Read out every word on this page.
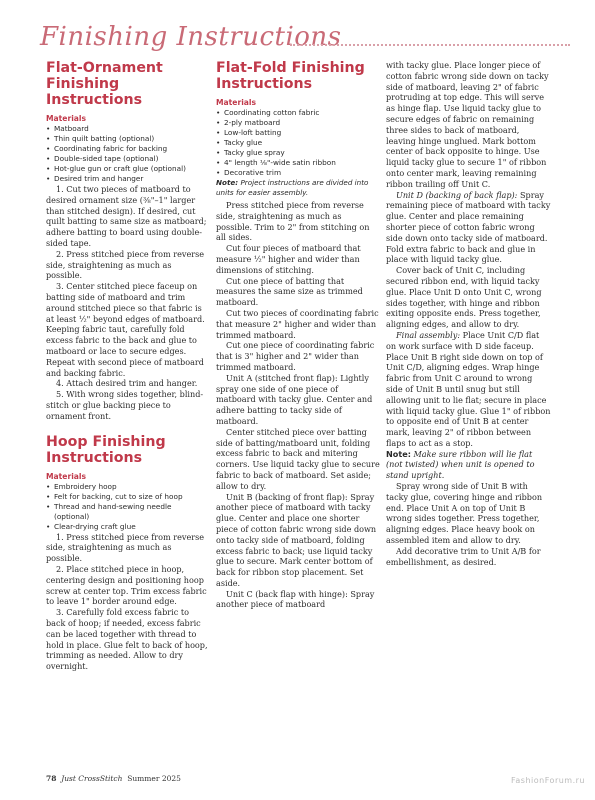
Finishing Instructions
Flat-Ornament Finishing Instructions
Materials
• Matboard
• Thin quilt batting (optional)
• Coordinating fabric for backing
• Double-sided tape (optional)
• Hot-glue gun or craft glue (optional)
• Desired trim and hanger

1. Cut two pieces of matboard to desired ornament size (⅜"–1" larger than stitched design). If desired, cut quilt batting to same size as matboard; adhere batting to board using double-sided tape.

2. Press stitched piece from reverse side, straightening as much as possible.

3. Center stitched piece faceup on batting side of matboard and trim around stitched piece so that fabric is at least ½" beyond edges of matboard. Keeping fabric taut, carefully fold excess fabric to the back and glue to matboard or lace to secure edges. Repeat with second piece of matboard and backing fabric.

4. Attach desired trim and hanger.

5. With wrong sides together, blind-stitch or glue backing piece to ornament front.

Hoop Finishing Instructions
Materials
• Embroidery hoop
• Felt for backing, cut to size of hoop
• Thread and hand-sewing needle (optional)
• Clear-drying craft glue

1. Press stitched piece from reverse side, straightening as much as possible.

2. Place stitched piece in hoop, centering design and positioning hoop screw at center top. Trim excess fabric to leave 1" border around edge.

3. Carefully fold excess fabric to back of hoop; if needed, excess fabric can be laced together with thread to hold in place. Glue felt to back of hoop, trimming as needed. Allow to dry overnight.

Flat-Fold Finishing Instructions
Materials
• Coordinating cotton fabric
• 2-ply matboard
• Low-loft batting
• Tacky glue
• Tacky glue spray
• 4" length ⅛"-wide satin ribbon
• Decorative trim
Note: Project instructions are divided into units for easier assembly.

Press stitched piece from reverse side, straightening as much as possible. Trim to 2" from stitching on all sides.

Cut four pieces of matboard that measure ½" higher and wider than dimensions of stitching.

Cut one piece of batting that measures the same size as trimmed matboard.

Cut two pieces of coordinating fabric that measure 2" higher and wider than trimmed matboard.

Cut one piece of coordinating fabric that is 3" higher and 2" wider than trimmed matboard.

Unit A (stitched front flap): Lightly spray one side of one piece of matboard with tacky glue. Center and adhere batting to tacky side of matboard.

Center stitched piece over batting side of batting/matboard unit, folding excess fabric to back and mitering corners. Use liquid tacky glue to secure fabric to back of matboard. Set aside; allow to dry.

Unit B (backing of front flap): Spray another piece of matboard with tacky glue. Center and place one shorter piece of cotton fabric wrong side down onto tacky side of matboard, folding excess fabric to back; use liquid tacky glue to secure. Mark center bottom of back for ribbon stop placement. Set aside.

Unit C (back flap with hinge): Spray another piece of matboard

with tacky glue. Place longer piece of cotton fabric wrong side down on tacky side of matboard, leaving 2" of fabric protruding at top edge. This will serve as hinge flap. Use liquid tacky glue to secure edges of fabric on remaining three sides to back of matboard, leaving hinge unglued. Mark bottom center of back opposite to hinge. Use liquid tacky glue to secure 1" of ribbon onto center mark, leaving remaining ribbon trailing off Unit C.

Unit D (backing of back flap): Spray remaining piece of matboard with tacky glue. Center and place remaining shorter piece of cotton fabric wrong side down onto tacky side of matboard. Fold extra fabric to back and glue in place with liquid tacky glue.

Cover back of Unit C, including secured ribbon end, with liquid tacky glue. Place Unit D onto Unit C, wrong sides together, with hinge and ribbon exiting opposite ends. Press together, aligning edges, and allow to dry.

Final assembly: Place Unit C/D flat on work surface with D side faceup. Place Unit B right side down on top of Unit C/D, aligning edges. Wrap hinge fabric from Unit C around to wrong side of Unit B until snug but still allowing unit to lie flat; secure in place with liquid tacky glue. Glue 1" of ribbon to opposite end of Unit B at center mark, leaving 2" of ribbon between flaps to act as a stop.

Note: Make sure ribbon will lie flat (not twisted) when unit is opened to stand upright.

Spray wrong side of Unit B with tacky glue, covering hinge and ribbon end. Place Unit A on top of Unit B wrong sides together. Press together, aligning edges. Place heavy book on assembled item and allow to dry.

Add decorative trim to Unit A/B for embellishment, as desired.

78 Just CrossStitch Summer 2025	FashionForum.ru
